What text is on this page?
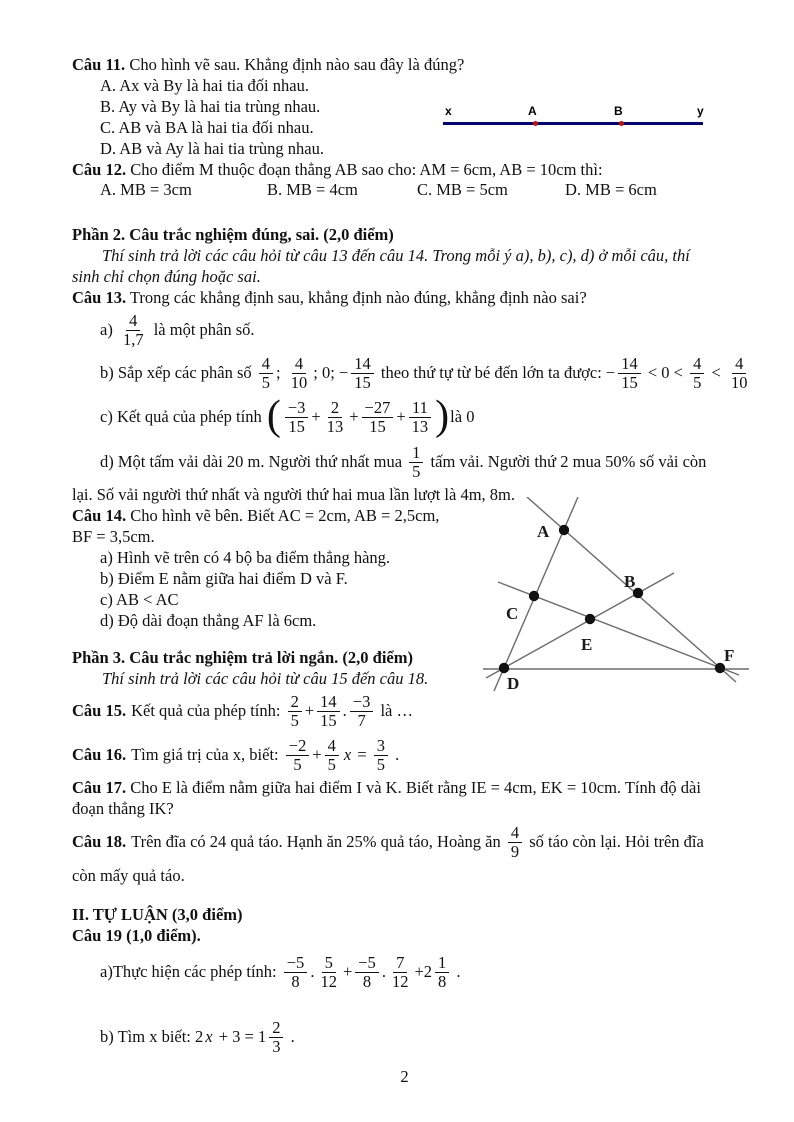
Câu 11. Cho hình vẽ sau. Khẳng định nào sau đây là đúng?
A. Ax và By là hai tia đối nhau.
B. Ay và By là hai tia trùng nhau.
C. AB và BA là hai tia đối nhau.
D. AB và Ay là hai tia trùng nhau.
Câu 12. Cho điểm M thuộc đoạn thẳng AB sao cho: AM = 6cm, AB = 10cm thì:
A. MB = 3cm	B. MB = 4cm	C. MB = 5cm	D. MB = 6cm
Phần 2. Câu trắc nghiệm đúng, sai. (2,0 điểm)
Thí sinh trả lời các câu hỏi từ câu 13 đến câu 14. Trong mỗi ý a), b), c), d) ở mỗi câu, thí
sinh chỉ chọn đúng hoặc sai.
Câu 13. Trong các khẳng định sau, khẳng định nào đúng, khẳng định nào sai?
$a) \frac{4}{1,7}$ là một phân số.
b) Sắp xếp các phân số $\frac{4}{5}$ ; $\frac{4}{10}$ ; 0; − $\frac{14}{15}$ theo thứ tự từ bé đến lớn ta được: − $\frac{14}{15} < 0 < \frac{4}{5} < \frac{4}{10}$
c) Kết quả của phép tính ( $\frac{-3}{15} + \frac{2}{13} + \frac{-27}{15} + \frac{11}{13}$ ) là 0
d) Một tấm vải dài 20 m. Người thứ nhất mua $\frac{1}{5}$ tấm vải. Người thứ 2 mua 50% số vải còn
lại. Số vải người thứ nhất và người thứ hai mua lần lượt là 4m, 8m.
Câu 14. Cho hình vẽ bên. Biết AC = 2cm, AB = 2,5cm,
BF = 3,5cm.
a) Hình vẽ trên có 4 bộ ba điểm thẳng hàng.
b) Điểm E nằm giữa hai điểm D và F.
c) AB < AC
d) Độ dài đoạn thẳng AF là 6cm.
Phần 3. Câu trắc nghiệm trả lời ngắn. (2,0 điểm)
Thí sinh trả lời các câu hỏi từ câu 15 đến câu 18.
Câu 15. Kết quả của phép tính: $\frac{2}{5} + \frac{14}{15}$ . $\frac{-3}{7}$ là …
Câu 16. Tìm giá trị của x, biết: $\frac{-2}{5} + \frac{4}{5}$ $x = \frac{3}{5}$ .
Câu 17. Cho E là điểm nằm giữa hai điểm I và K. Biết rằng IE = 4cm, EK = 10cm. Tính độ dài
đoạn thẳng IK?
Câu 18. Trên đĩa có 24 quả táo. Hạnh ăn 25% quả táo, Hoàng ăn $\frac{4}{9}$ số táo còn lại. Hỏi trên đĩa
còn mấy quả táo.
II. TỰ LUẬN (3,0 điểm)
Câu 19 (1,0 điểm).
a)Thực hiện các phép tính: $\frac{-5}{8}$ . $\frac{5}{12} + \frac{-5}{8}$ . $\frac{7}{12} +2 \frac{1}{8}$ .
b) Tìm x biết: 2 $x + 3 = 1 \frac{2}{3}$ .
2
x	A	B	y
A
B
C
D
E
F
